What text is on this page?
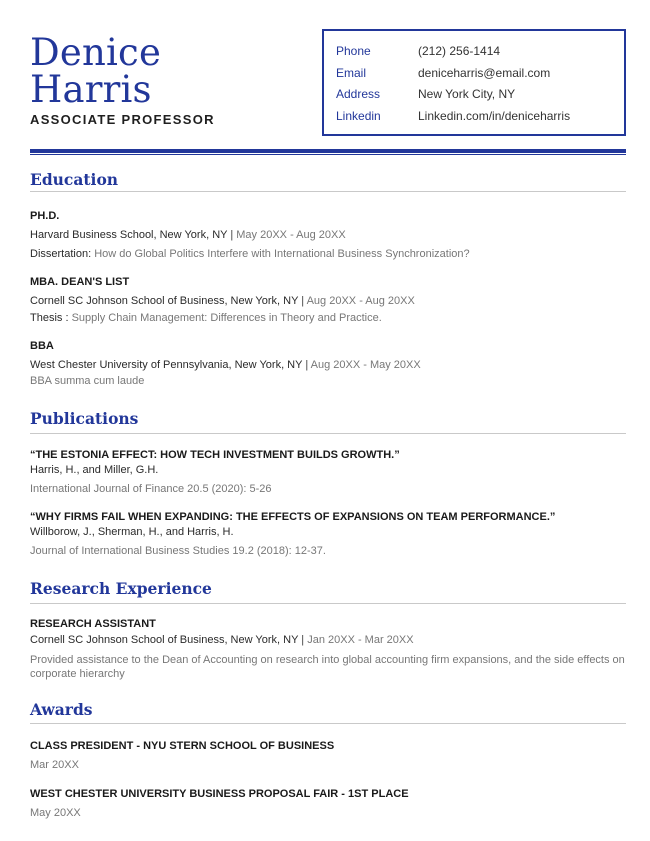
Denice
Harris
ASSOCIATE PROFESSOR
Phone	(212) 256-1414
Email	deniceharris@email.com
Address	New York City, NY
Linkedin	Linkedin.com/in/deniceharris
Education
PH.D.
Harvard Business School, New York, NY | May 20XX - Aug 20XX
Dissertation: How do Global Politics Interfere with International Business Synchronization?
MBA. DEAN'S LIST
Cornell SC Johnson School of Business, New York, NY | Aug 20XX - Aug 20XX
Thesis : Supply Chain Management: Differences in Theory and Practice.
BBA
West Chester University of Pennsylvania, New York, NY | Aug 20XX - May 20XX
BBA summa cum laude
Publications
“THE ESTONIA EFFECT: HOW TECH INVESTMENT BUILDS GROWTH.”
Harris, H., and Miller, G.H.
International Journal of Finance 20.5 (2020): 5-26
“WHY FIRMS FAIL WHEN EXPANDING: THE EFFECTS OF EXPANSIONS ON TEAM PERFORMANCE.”
Willborow, J., Sherman, H., and Harris, H.
Journal of International Business Studies 19.2 (2018): 12-37.
Research Experience
RESEARCH ASSISTANT
Cornell SC Johnson School of Business, New York, NY | Jan 20XX - Mar 20XX
Provided assistance to the Dean of Accounting on research into global accounting firm expansions, and the side effects on corporate hierarchy
Awards
CLASS PRESIDENT - NYU STERN SCHOOL OF BUSINESS
Mar 20XX
WEST CHESTER UNIVERSITY BUSINESS PROPOSAL FAIR - 1ST PLACE
May 20XX
